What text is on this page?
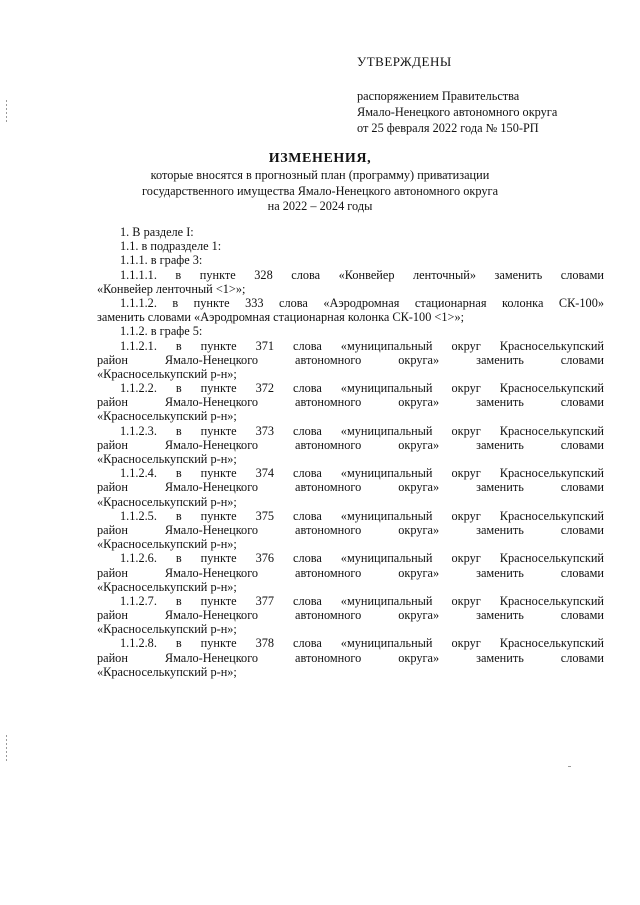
УТВЕРЖДЕНЫ
распоряжением Правительства
Ямало-Ненецкого автономного округа
от 25 февраля 2022 года № 150-РП
ИЗМЕНЕНИЯ,
которые вносятся в прогнозный план (программу) приватизации
государственного имущества Ямало-Ненецкого автономного округа
на 2022 – 2024 годы
1. В разделе I:
1.1. в подразделе 1:
1.1.1. в графе 3:
1.1.1.1. в пункте 328 слова «Конвейер ленточный» заменить словами
«Конвейер ленточный <1>»;
1.1.1.2. в пункте 333 слова «Аэродромная стационарная колонка СК-100»
заменить словами «Аэродромная стационарная колонка СК-100 <1>»;
1.1.2. в графе 5:
1.1.2.1. в пункте 371 слова «муниципальный округ Красноселькупский
район Ямало-Ненецкого автономного округа» заменить словами
«Красноселькупский р-н»;
1.1.2.2. в пункте 372 слова «муниципальный округ Красноселькупский
район Ямало-Ненецкого автономного округа» заменить словами
«Красноселькупский р-н»;
1.1.2.3. в пункте 373 слова «муниципальный округ Красноселькупский
район Ямало-Ненецкого автономного округа» заменить словами
«Красноселькупский р-н»;
1.1.2.4. в пункте 374 слова «муниципальный округ Красноселькупский
район Ямало-Ненецкого автономного округа» заменить словами
«Красноселькупский р-н»;
1.1.2.5. в пункте 375 слова «муниципальный округ Красноселькупский
район Ямало-Ненецкого автономного округа» заменить словами
«Красноселькупский р-н»;
1.1.2.6. в пункте 376 слова «муниципальный округ Красноселькупский
район Ямало-Ненецкого автономного округа» заменить словами
«Красноселькупский р-н»;
1.1.2.7. в пункте 377 слова «муниципальный округ Красноселькупский
район Ямало-Ненецкого автономного округа» заменить словами
«Красноселькупский р-н»;
1.1.2.8. в пункте 378 слова «муниципальный округ Красноселькупский
район Ямало-Ненецкого автономного округа» заменить словами
«Красноселькупский р-н»;
